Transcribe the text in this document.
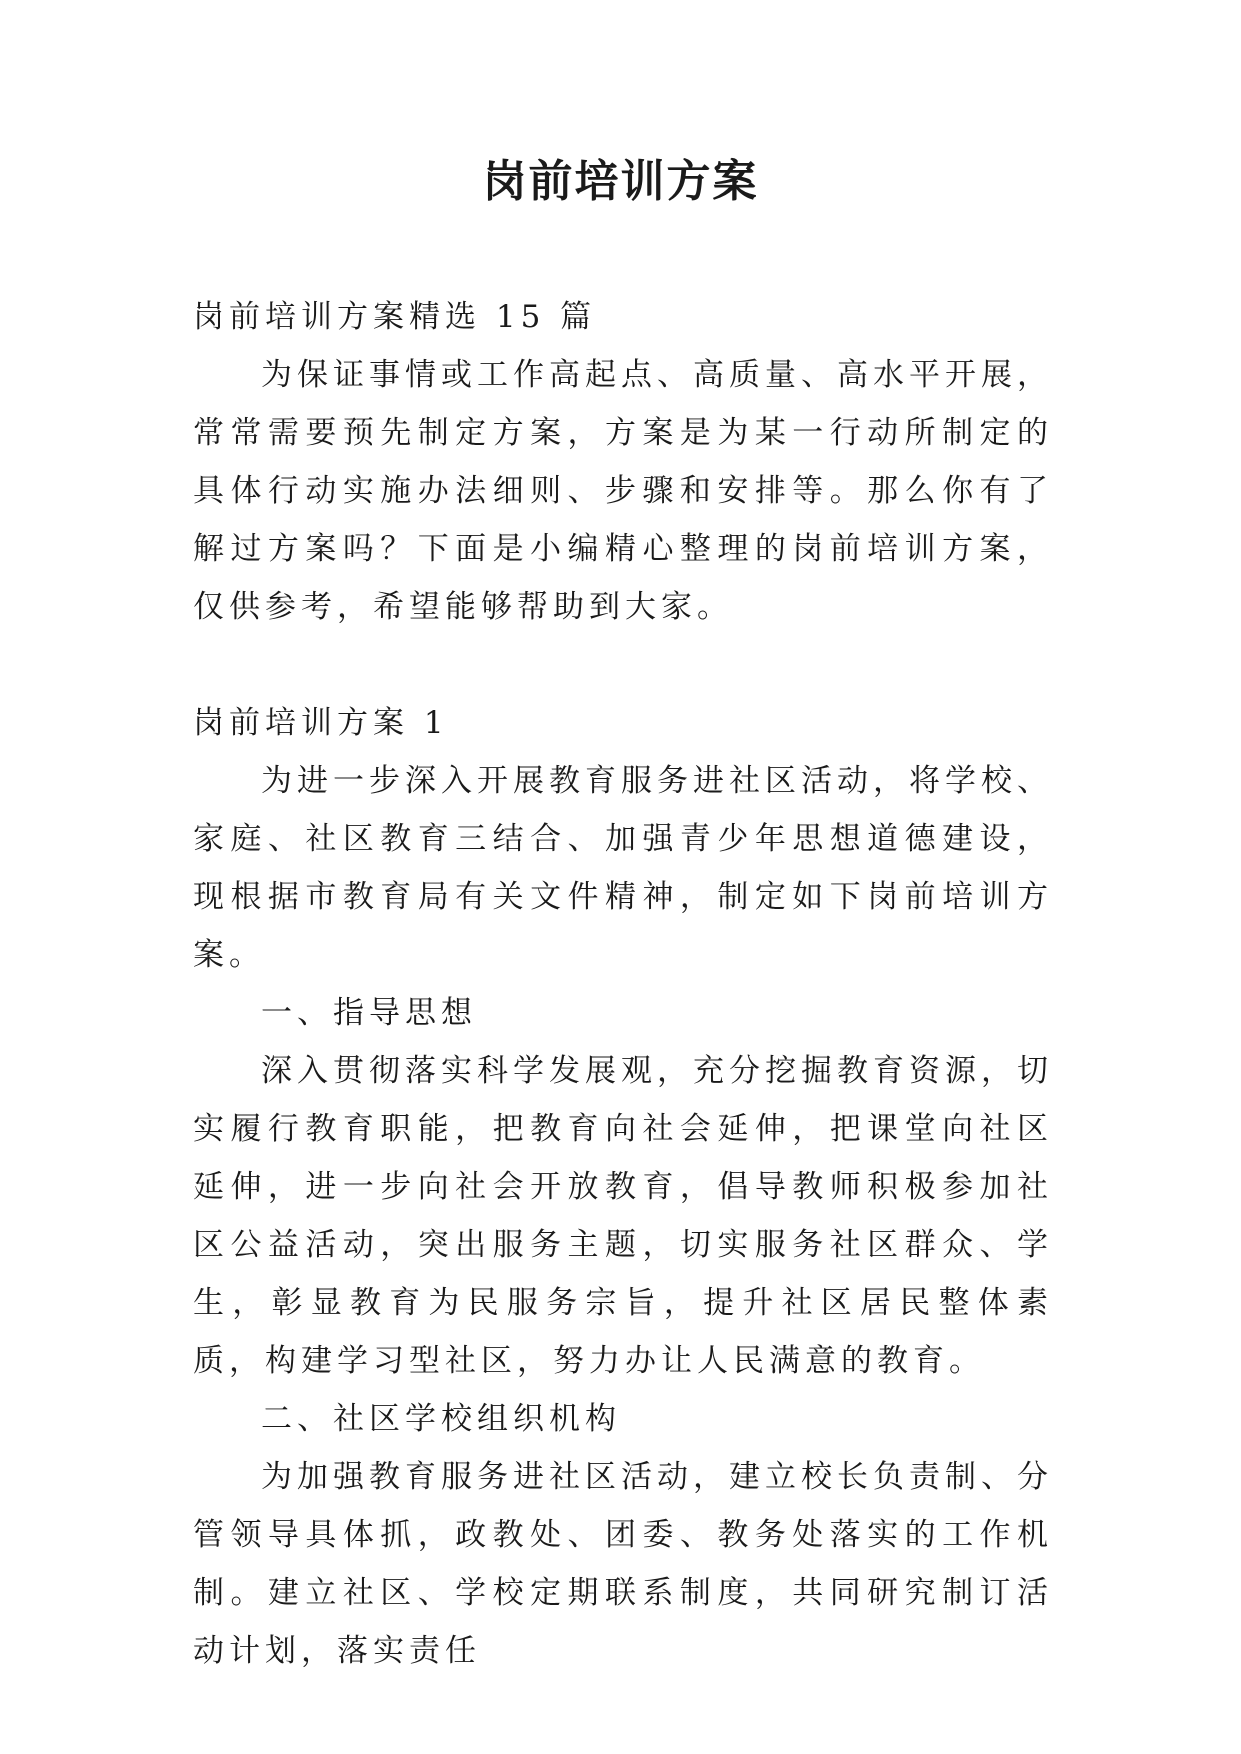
岗前培训方案

岗前培训方案精选 15 篇

为保证事情或工作高起点、高质量、高水平开展，常常需要预先制定方案，方案是为某一行动所制定的具体行动实施办法细则、步骤和安排等。那么你有了解过方案吗？下面是小编精心整理的岗前培训方案，仅供参考，希望能够帮助到大家。

岗前培训方案 1

为进一步深入开展教育服务进社区活动，将学校、家庭、社区教育三结合、加强青少年思想道德建设，现根据市教育局有关文件精神，制定如下岗前培训方案。

一、指导思想

深入贯彻落实科学发展观，充分挖掘教育资源，切实履行教育职能，把教育向社会延伸，把课堂向社区延伸，进一步向社会开放教育，倡导教师积极参加社区公益活动，突出服务主题，切实服务社区群众、学生，彰显教育为民服务宗旨，提升社区居民整体素质，构建学习型社区，努力办让人民满意的教育。

二、社区学校组织机构

为加强教育服务进社区活动，建立校长负责制、分管领导具体抓，政教处、团委、教务处落实的工作机制。建立社区、学校定期联系制度，共同研究制订活动计划，落实责任
